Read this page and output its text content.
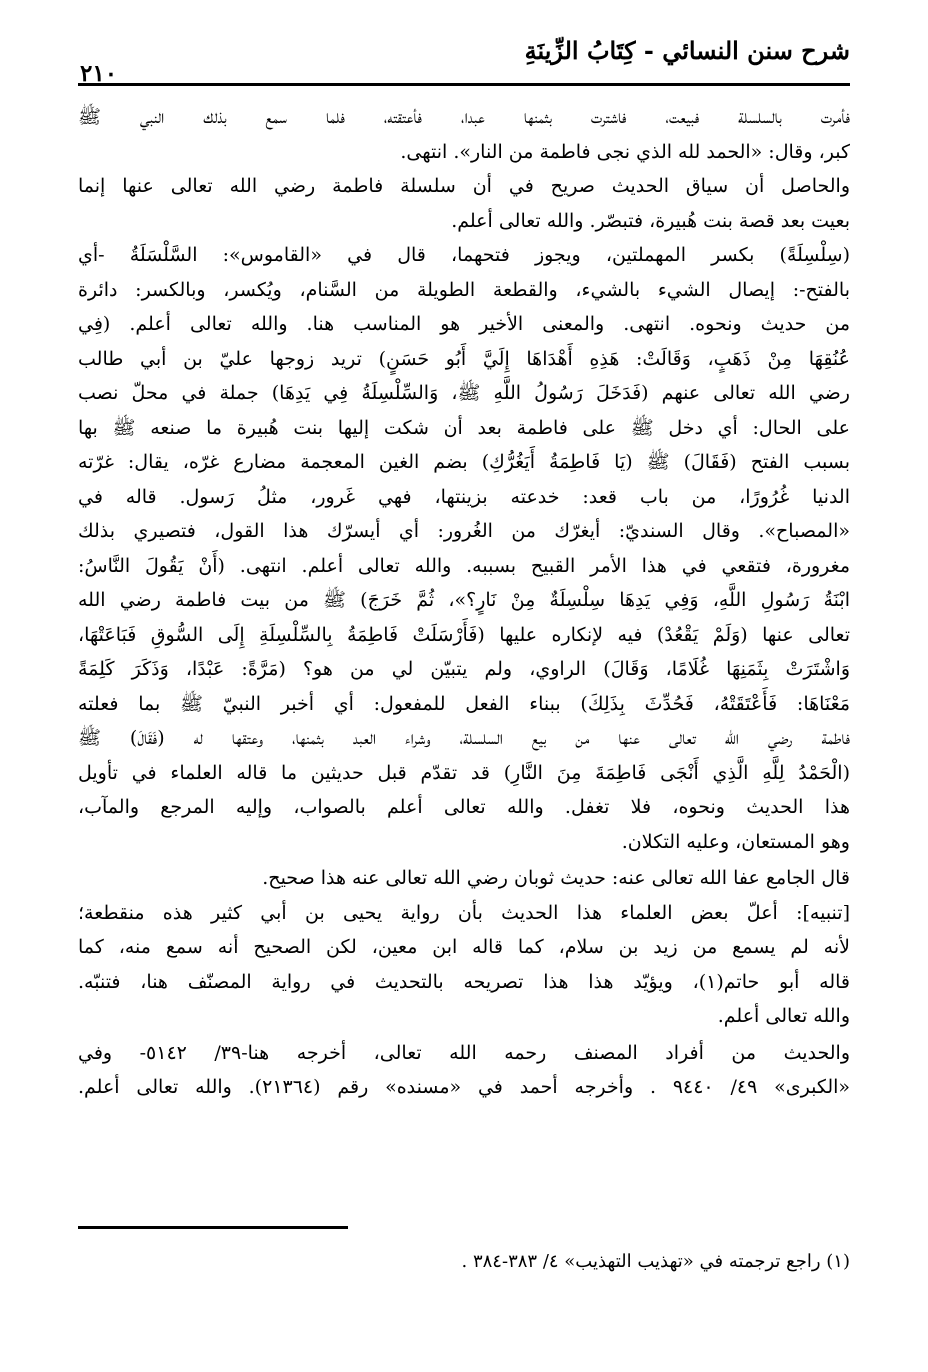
شرح سنن النسائي - كِتَابُ الزِّينَةِ
٢١٠
فأمرت بالسلسلة فبيعت، فاشترت بثمنها عبدا، فأعتقته، فلما سمع بذلك النبي ﷺ
كبر، وقال: «الحمد لله الذي نجى فاطمة من النار». انتهى.
والحاصل أن سياق الحديث صريح في أن سلسلة فاطمة رضي الله تعالى عنها إنما
بعيت بعد قصة بنت هُبيرة، فتبصّر. والله تعالى أعلم.
(سِلْسِلَةً) بكسر المهملتين، ويجوز فتحهما، قال في «القاموس»: السَّلْسَلَةُ -أي
بالفتح-: إيصال الشيء بالشيء، والقطعة الطويلة من السَّنام، ويُكسر، وبالكسر: دائرة
من حديث ونحوه. انتهى. والمعنى الأخير هو المناسب هنا. والله تعالى أعلم. (فِي
عُنُقِهَا مِنْ ذَهَبٍ، وَقَالَتْ: هَذِهِ أَهْدَاهَا إِلَيَّ أَبُو حَسَنٍ) تريد زوجها عليّ بن أبي طالب
رضي الله تعالى عنهم (فَدَخَلَ رَسُولُ اللَّهِ ﷺ، وَالسِّلْسِلَةُ فِي يَدِهَا) جملة في محلّ نصب
على الحال: أي دخل ﷺ على فاطمة بعد أن شكت إليها بنت هُبيرة ما صنعه ﷺ بها
بسبب الفتح (فَقَالَ) ﷺ (يَا فَاطِمَةُ أَيَغُرُّكِ) بضم الغين المعجمة مضارع غرّه، يقال: غرّته
الدنيا غُرُورًا، من باب قعد: خدعته بزينتها، فهي غَرور، مثلُ رَسول. قاله في
«المصباح». وقال السنديّ: أيغرّك من الغُرور: أي أيسرّك هذا القول، فتصيري بذلك
مغرورة، فتقعي في هذا الأمر القبيح بسببه. والله تعالى أعلم. انتهى. (أَنْ يَقُولَ النَّاسُ:
ابْنَةُ رَسُولِ اللَّهِ، وَفِي يَدِهَا سِلْسِلَةٌ مِنْ نَارٍ؟»، ثُمَّ خَرَجَ) ﷺ من بيت فاطمة رضي الله
تعالى عنها (وَلَمْ يَقْعُدْ) فيه لإنكاره عليها (فَأَرْسَلَتْ فَاطِمَةُ بِالسِّلْسِلَةِ إِلَى السُّوقِ فَبَاعَتْهَا،
وَاشْتَرَتْ بِثَمَنِهَا غُلَامًا، وَقَالَ) الراوي، ولم يتبيّن لي من هو؟ (مَرَّةً: عَبْدًا، وَذَكَرَ كَلِمَةً
مَعْنَاهَا: فَأَعْتَقَتْهُ، فَحُدِّثَ بِذَلِكَ) ببناء الفعل للمفعول: أي أخبر النبيّ ﷺ بما فعلته
فاطمة رضي الله تعالى عنها من بيع السلسلة، وشراء العبد بثمنها، وعتقها له (فَقَالَ) ﷺ
(الْحَمْدُ لِلَّهِ الَّذِي أَنْجَى فَاطِمَةَ مِنَ النَّارِ) قد تقدّم قبل حديثين ما قاله العلماء في تأويل
هذا الحديث ونحوه، فلا تغفل. والله تعالى أعلم بالصواب، وإليه المرجع والمآب،
وهو المستعان، وعليه التكلان.
قال الجامع عفا الله تعالى عنه: حديث ثوبان رضي الله تعالى عنه هذا صحيح.
[تنبيه]: أعلّ بعض العلماء هذا الحديث بأن رواية يحيى بن أبي كثير هذه منقطعة؛
لأنه لم يسمع من زيد بن سلام، كما قاله ابن معين، لكن الصحيح أنه سمع منه، كما
قاله أبو حاتم(١)، ويؤيّد هذا هذا تصريحه بالتحديث في رواية المصنّف هنا، فتنبّه.
والله تعالى أعلم.
والحديث من أفراد المصنف رحمه الله تعالى، أخرجه هنا-٣٩/ ٥١٤٢- وفي
«الكبرى» ٤٩/ ٩٤٤٠ . وأخرجه أحمد في «مسنده» رقم (٢١٣٦٤). والله تعالى أعلم.
(١) راجع ترجمته في «تهذيب التهذيب» ٤/ ٣٨٣-٣٨٤ .
